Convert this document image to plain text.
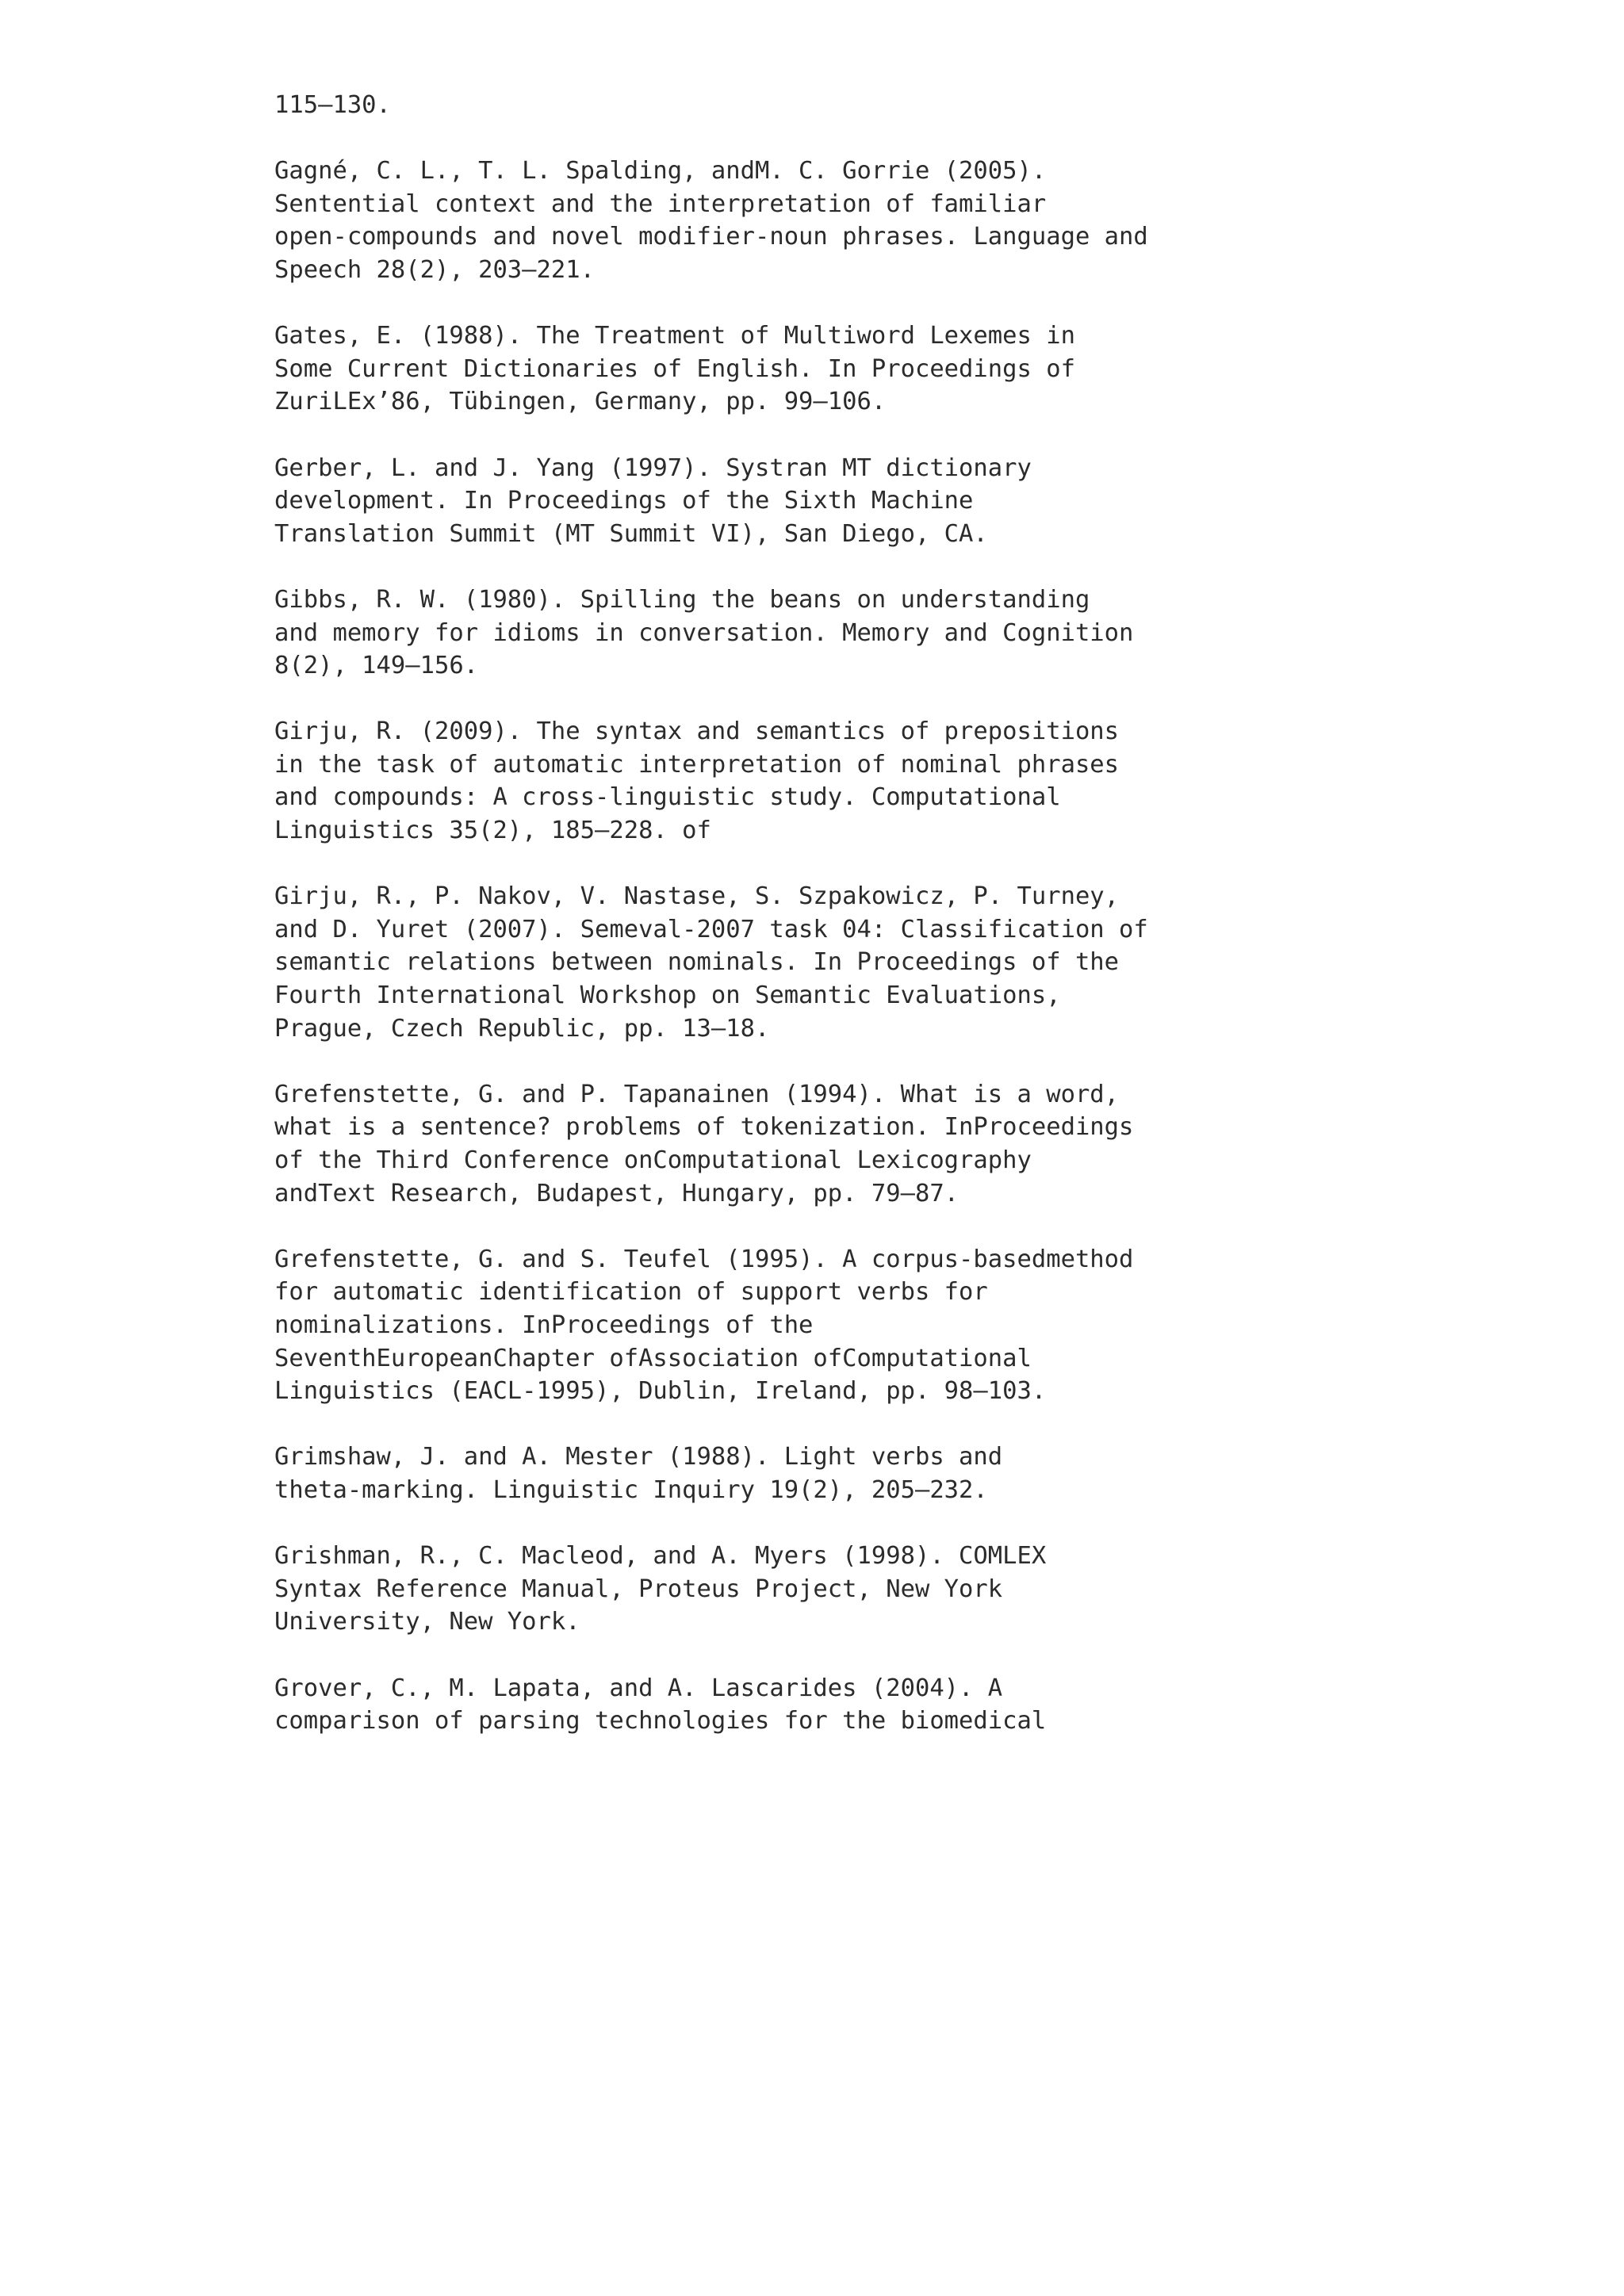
115–130.
Gagné, C. L., T. L. Spalding, andM. C. Gorrie (2005).
Sentential context and the interpretation of familiar
open-compounds and novel modifier-noun phrases. Language and
Speech 28(2), 203–221.
Gates, E. (1988). The Treatment of Multiword Lexemes in
Some Current Dictionaries of English. In Proceedings of
ZuriLEx’86, Tübingen, Germany, pp. 99–106.
Gerber, L. and J. Yang (1997). Systran MT dictionary
development. In Proceedings of the Sixth Machine
Translation Summit (MT Summit VI), San Diego, CA.
Gibbs, R. W. (1980). Spilling the beans on understanding
and memory for idioms in conversation. Memory and Cognition
8(2), 149–156.
Girju, R. (2009). The syntax and semantics of prepositions
in the task of automatic interpretation of nominal phrases
and compounds: A cross-linguistic study. Computational
Linguistics 35(2), 185–228. of
Girju, R., P. Nakov, V. Nastase, S. Szpakowicz, P. Turney,
and D. Yuret (2007). Semeval-2007 task 04: Classification of
semantic relations between nominals. In Proceedings of the
Fourth International Workshop on Semantic Evaluations,
Prague, Czech Republic, pp. 13–18.
Grefenstette, G. and P. Tapanainen (1994). What is a word,
what is a sentence? problems of tokenization. InProceedings
of the Third Conference onComputational Lexicography
andText Research, Budapest, Hungary, pp. 79–87.
Grefenstette, G. and S. Teufel (1995). A corpus-basedmethod
for automatic identification of support verbs for
nominalizations. InProceedings of the
SeventhEuropeanChapter ofAssociation ofComputational
Linguistics (EACL-1995), Dublin, Ireland, pp. 98–103.
Grimshaw, J. and A. Mester (1988). Light verbs and
theta-marking. Linguistic Inquiry 19(2), 205–232.
Grishman, R., C. Macleod, and A. Myers (1998). COMLEX
Syntax Reference Manual, Proteus Project, New York
University, New York.
Grover, C., M. Lapata, and A. Lascarides (2004). A
comparison of parsing technologies for the biomedical
